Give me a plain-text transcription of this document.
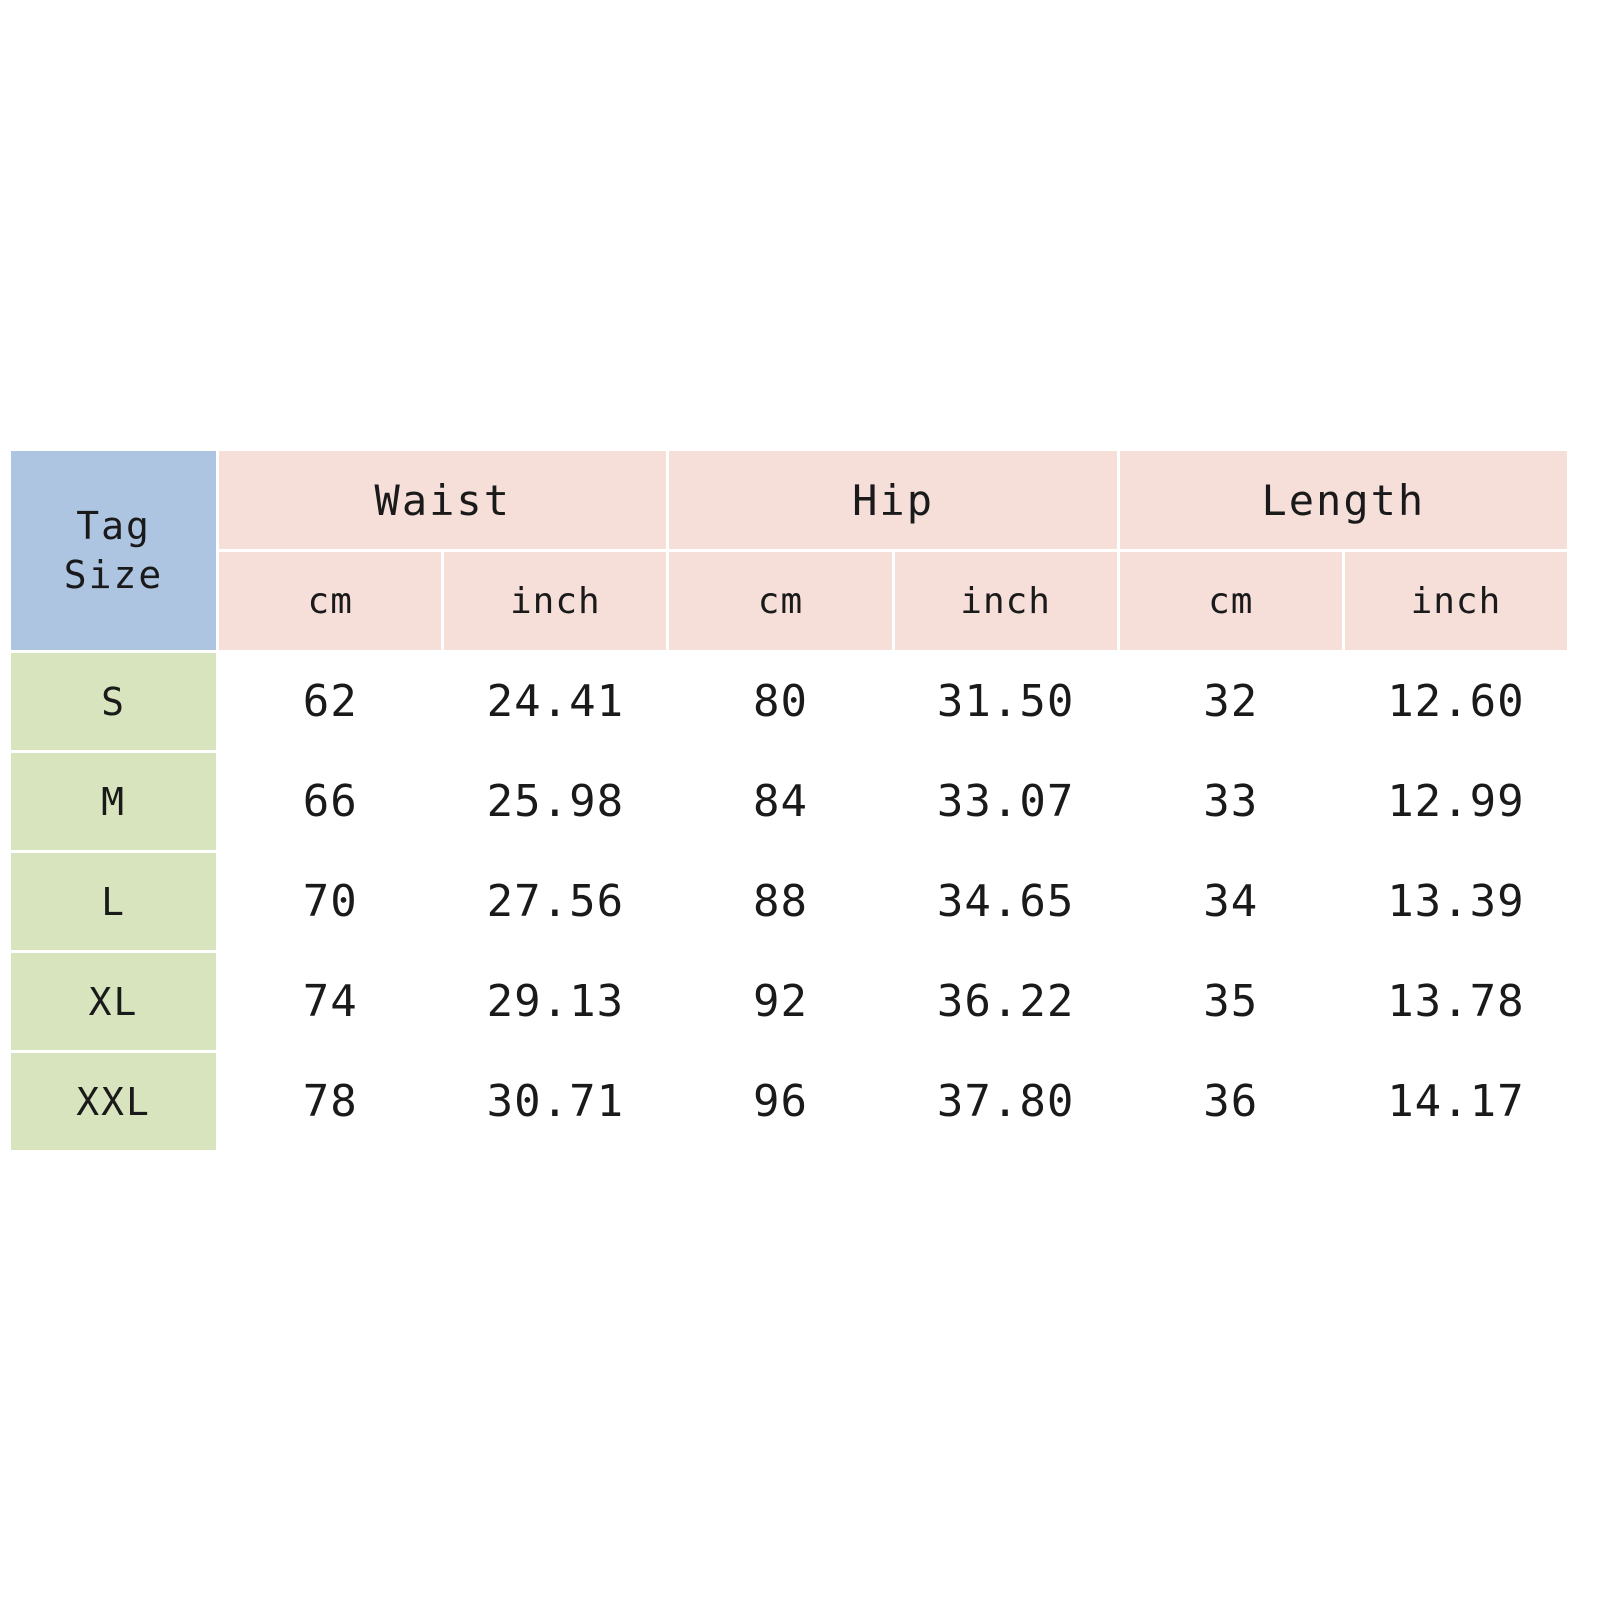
Tag
Size	Waist		Hip		Length	
	cm	inch	cm	inch	cm	inch
S	62	24.41	80	31.50	32	12.60
M	66	25.98	84	33.07	33	12.99
L	70	27.56	88	34.65	34	13.39
XL	74	29.13	92	36.22	35	13.78
XXL	78	30.71	96	37.80	36	14.17
